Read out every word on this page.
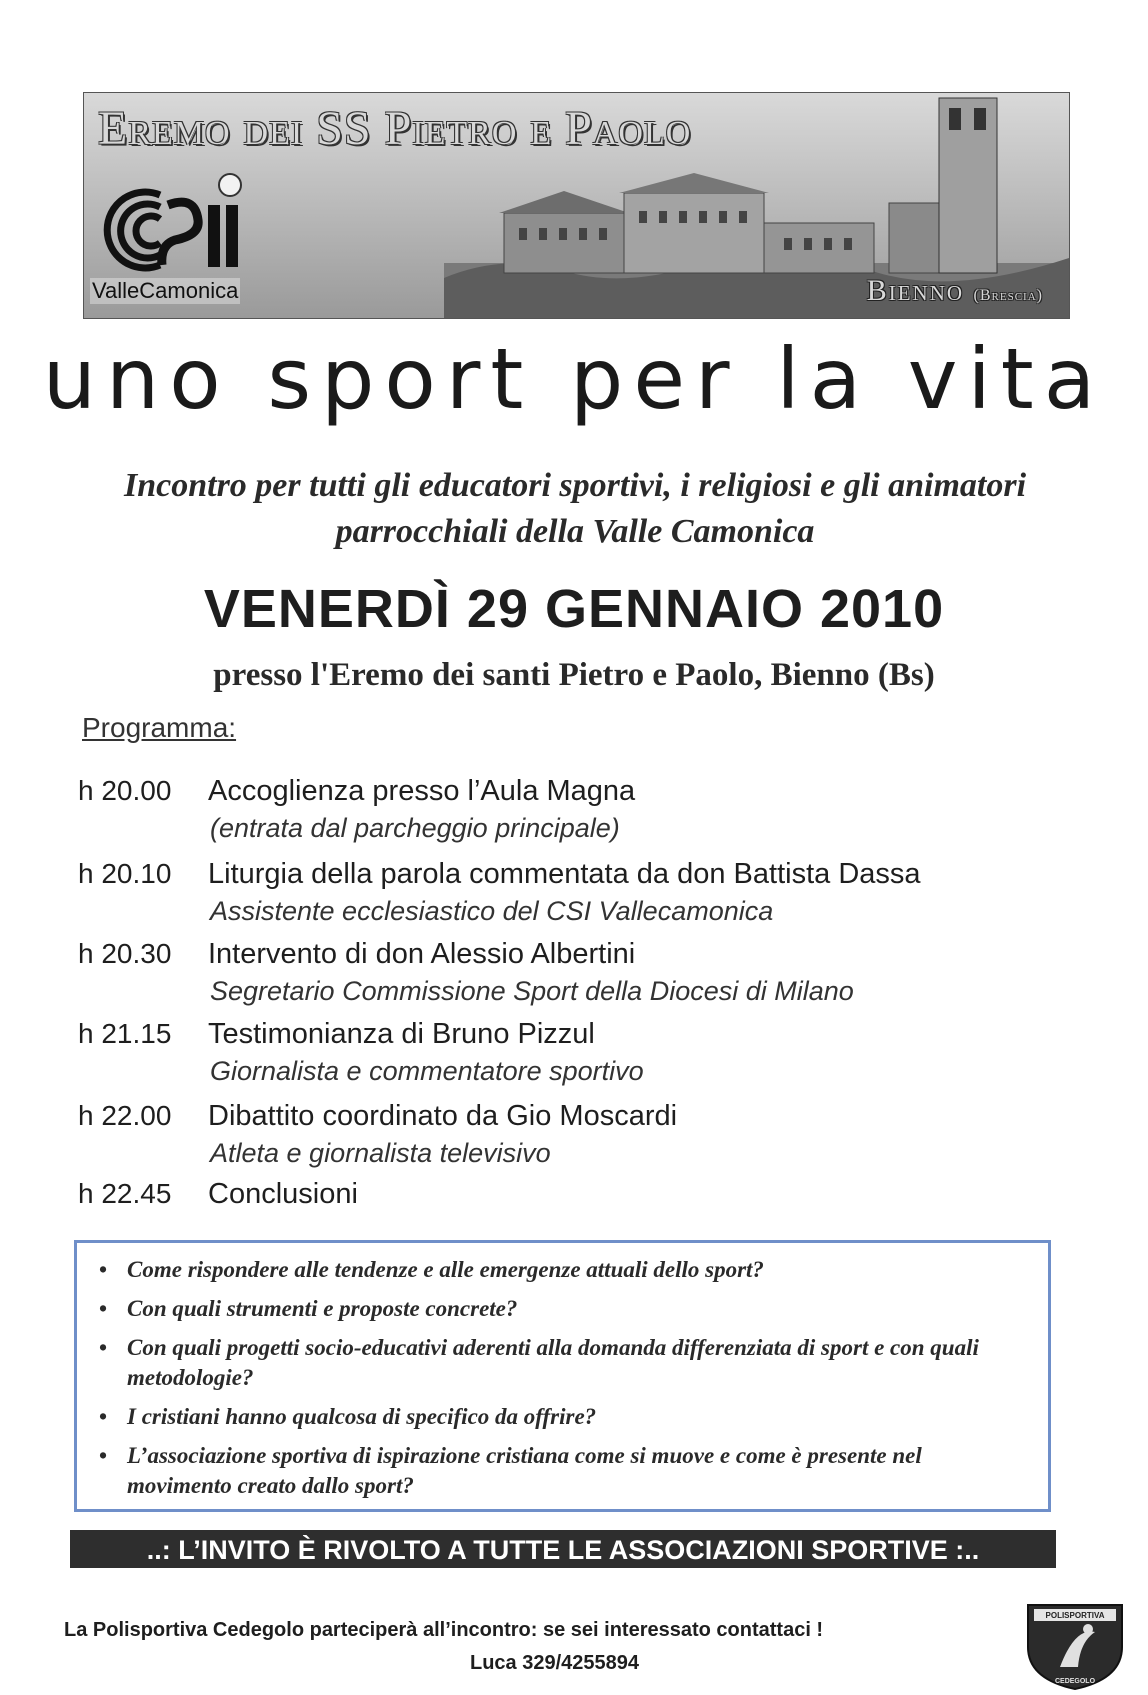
Eremo dei SS Pietro e Paolo
ValleCamonica	Bienno (Brescia)
uno sport per la vita
Incontro per tutti gli educatori sportivi, i religiosi e gli animatori parrocchiali della Valle Camonica
VENERDÌ 29 GENNAIO 2010
presso l'Eremo dei santi Pietro e Paolo, Bienno (Bs)
Programma:
h 20.00 Accoglienza presso l’Aula Magna
(entrata dal parcheggio principale)
h 20.10 Liturgia della parola commentata da don Battista Dassa
Assistente ecclesiastico del CSI Vallecamonica
h 20.30 Intervento di don Alessio Albertini
Segretario Commissione Sport della Diocesi di Milano
h 21.15 Testimonianza di Bruno Pizzul
Giornalista e commentatore sportivo
h 22.00 Dibattito coordinato da Gio Moscardi
Atleta e giornalista televisivo
h 22.45 Conclusioni
• Come rispondere alle tendenze e alle emergenze attuali dello sport?
• Con quali strumenti e proposte concrete?
• Con quali progetti socio-educativi aderenti alla domanda differenziata di sport e con quali metodologie?
• I cristiani hanno qualcosa di specifico da offrire?
• L’associazione sportiva di ispirazione cristiana come si muove e come è presente nel movimento creato dallo sport?
..: L’INVITO È RIVOLTO A TUTTE LE ASSOCIAZIONI SPORTIVE :..
La Polisportiva Cedegolo parteciperà all’incontro: se sei interessato contattaci !
Luca 329/4255894
POLISPORTIVA
CEDEGOLO
